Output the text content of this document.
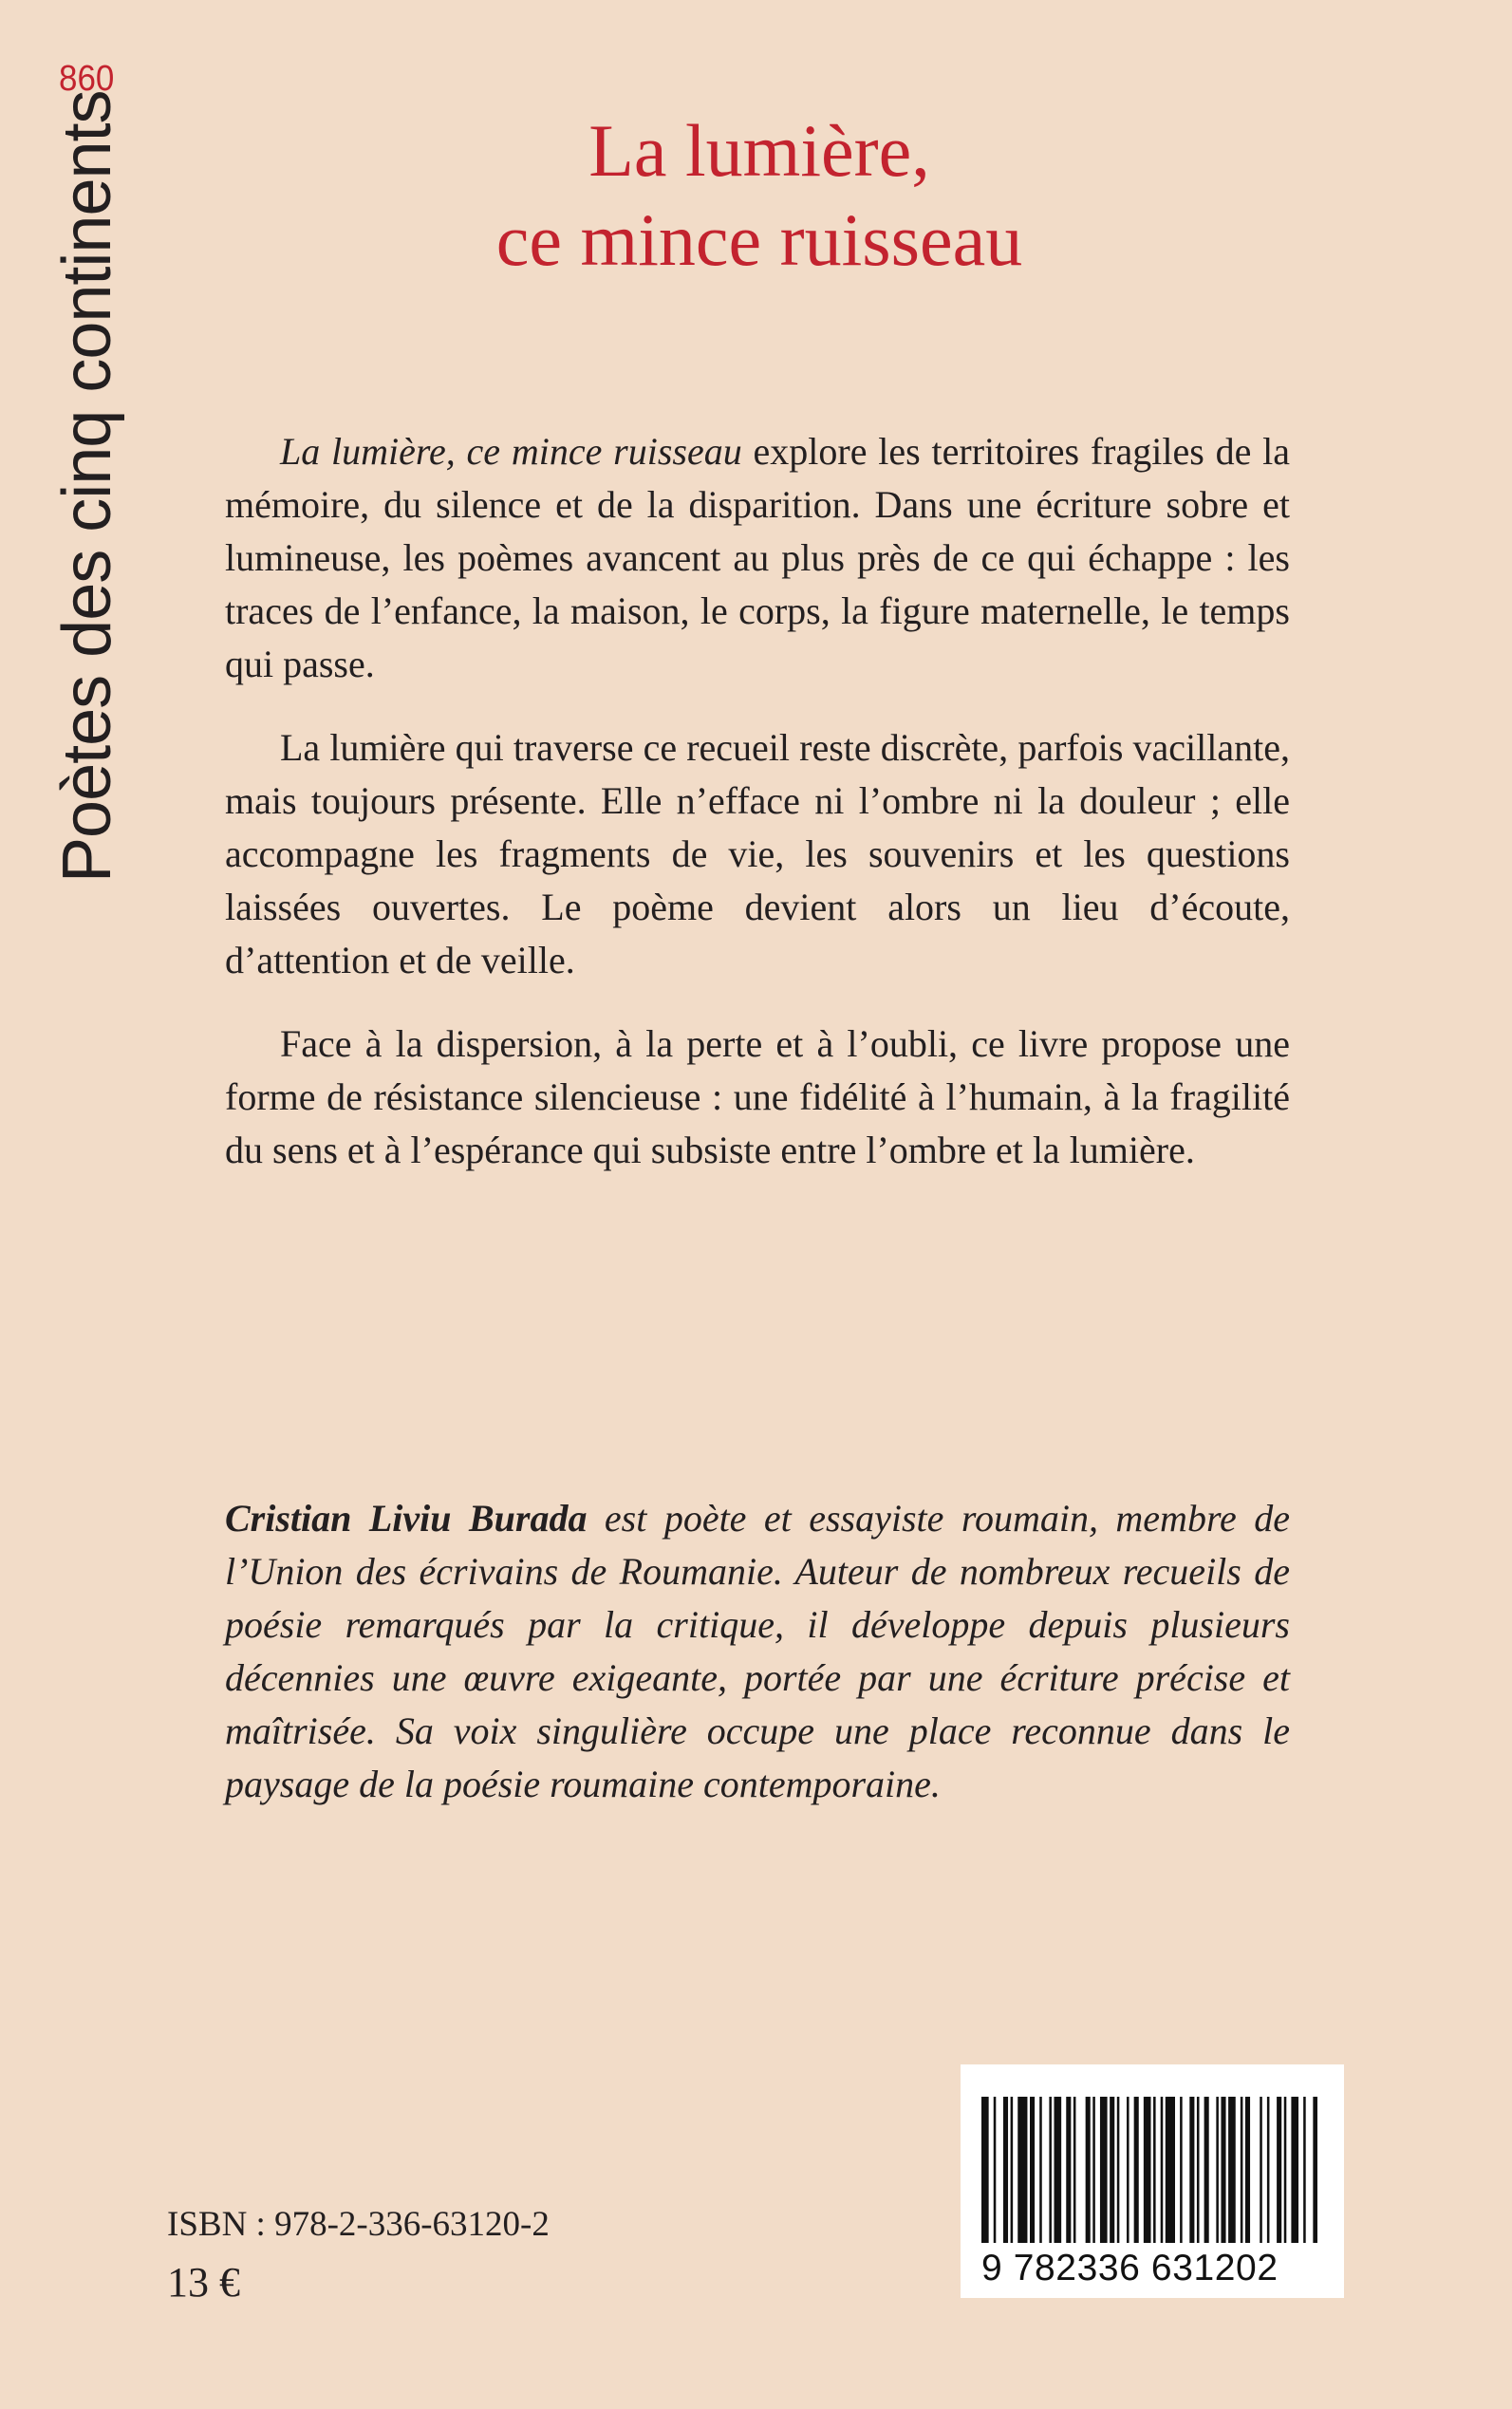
860
Poètes des cinq continents	La lumière,
ce mince ruisseau

La lumière, ce mince ruisseau explore les territoires fragiles de la mémoire, du silence et de la disparition. Dans une écriture sobre et lumineuse, les poèmes avancent au plus près de ce qui échappe : les traces de l’enfance, la maison, le corps, la figure maternelle, le temps qui passe.

La lumière qui traverse ce recueil reste discrète, parfois vacillante, mais toujours présente. Elle n’efface ni l’ombre ni la douleur ; elle accompagne les fragments de vie, les souvenirs et les questions laissées ouvertes. Le poème devient alors un lieu d’écoute, d’attention et de veille.

Face à la dispersion, à la perte et à l’oubli, ce livre propose une forme de résistance silencieuse : une fidélité à l’humain, à la fragilité du sens et à l’espérance qui subsiste entre l’ombre et la lumière.

Cristian Liviu Burada est poète et essayiste roumain, membre de l’Union des écrivains de Roumanie. Auteur de nombreux recueils de poésie remarqués par la critique, il développe depuis plusieurs décennies une œuvre exigeante, portée par une écriture précise et maîtrisée. Sa voix singulière occupe une place reconnue dans le paysage de la poésie roumaine contemporaine.

ISBN : 978-2-336-63120-2
13 €	9 782336 631202
